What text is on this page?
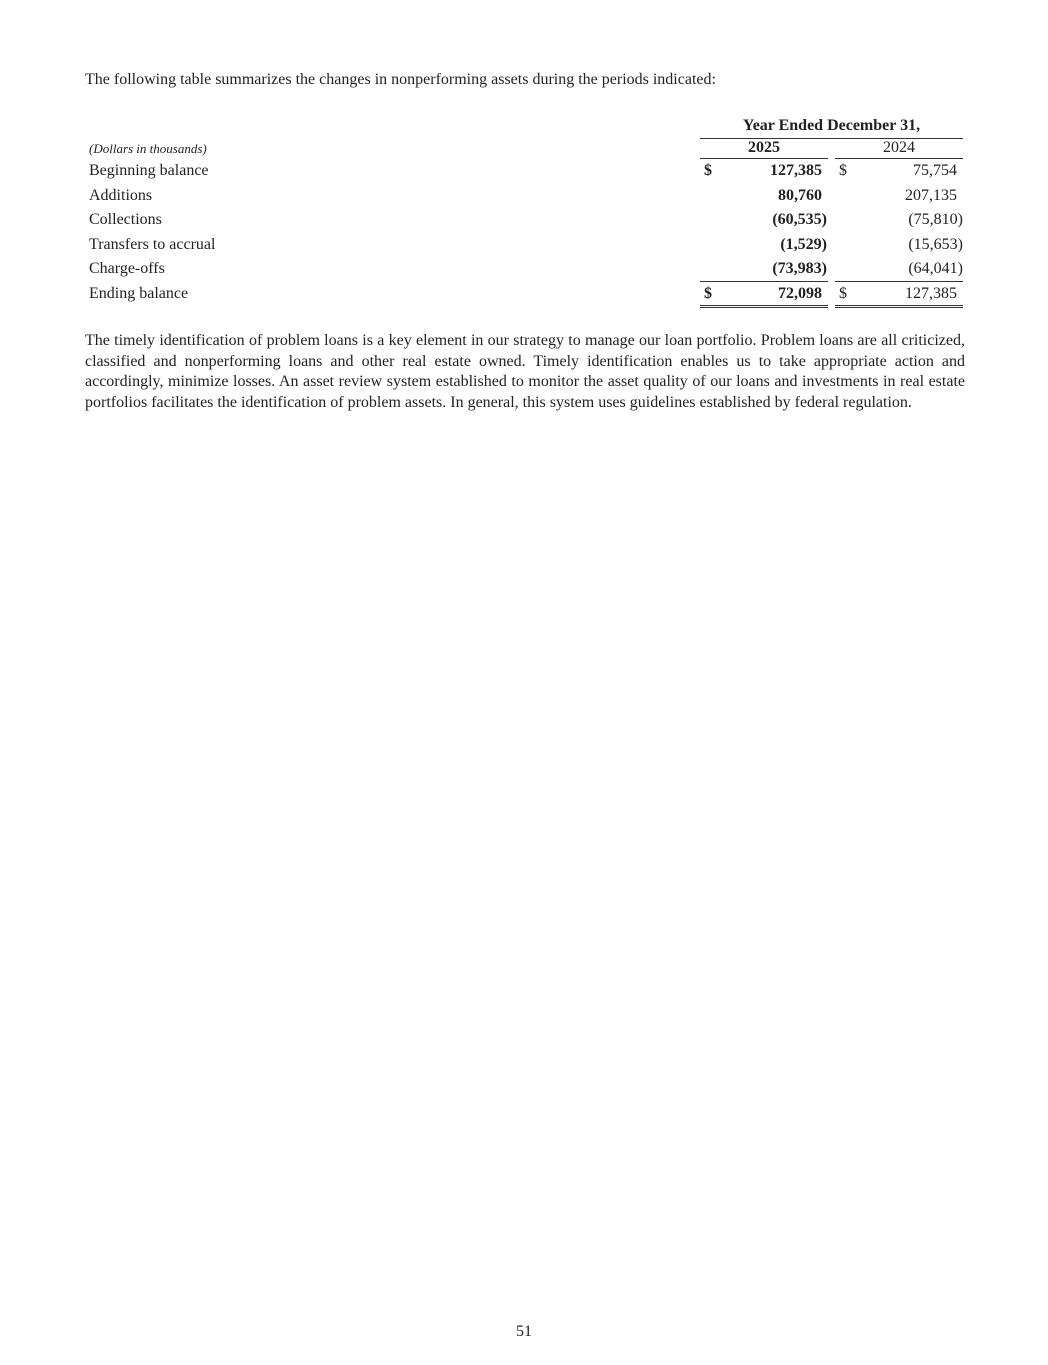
The following table summarizes the changes in nonperforming assets during the periods indicated:

Year Ended December 31,
(Dollars in thousands)	2025	2024
Beginning balance	$	127,385 $	75,754
Additions	80,760	207,135
Collections	(60,535)	(75,810)
Transfers to accrual	(1,529)	(15,653)
Charge-offs	(73,983)	(64,041)
Ending balance	$	72,098 $	127,385

The timely identification of problem loans is a key element in our strategy to manage our loan portfolio. Problem loans are all criticized, classified and nonperforming loans and other real estate owned. Timely identification enables us to take appropriate action and accordingly, minimize losses. An asset review system established to monitor the asset quality of our loans and investments in real estate portfolios facilitates the identification of problem assets. In general, this system uses guidelines established by federal regulation.

51
